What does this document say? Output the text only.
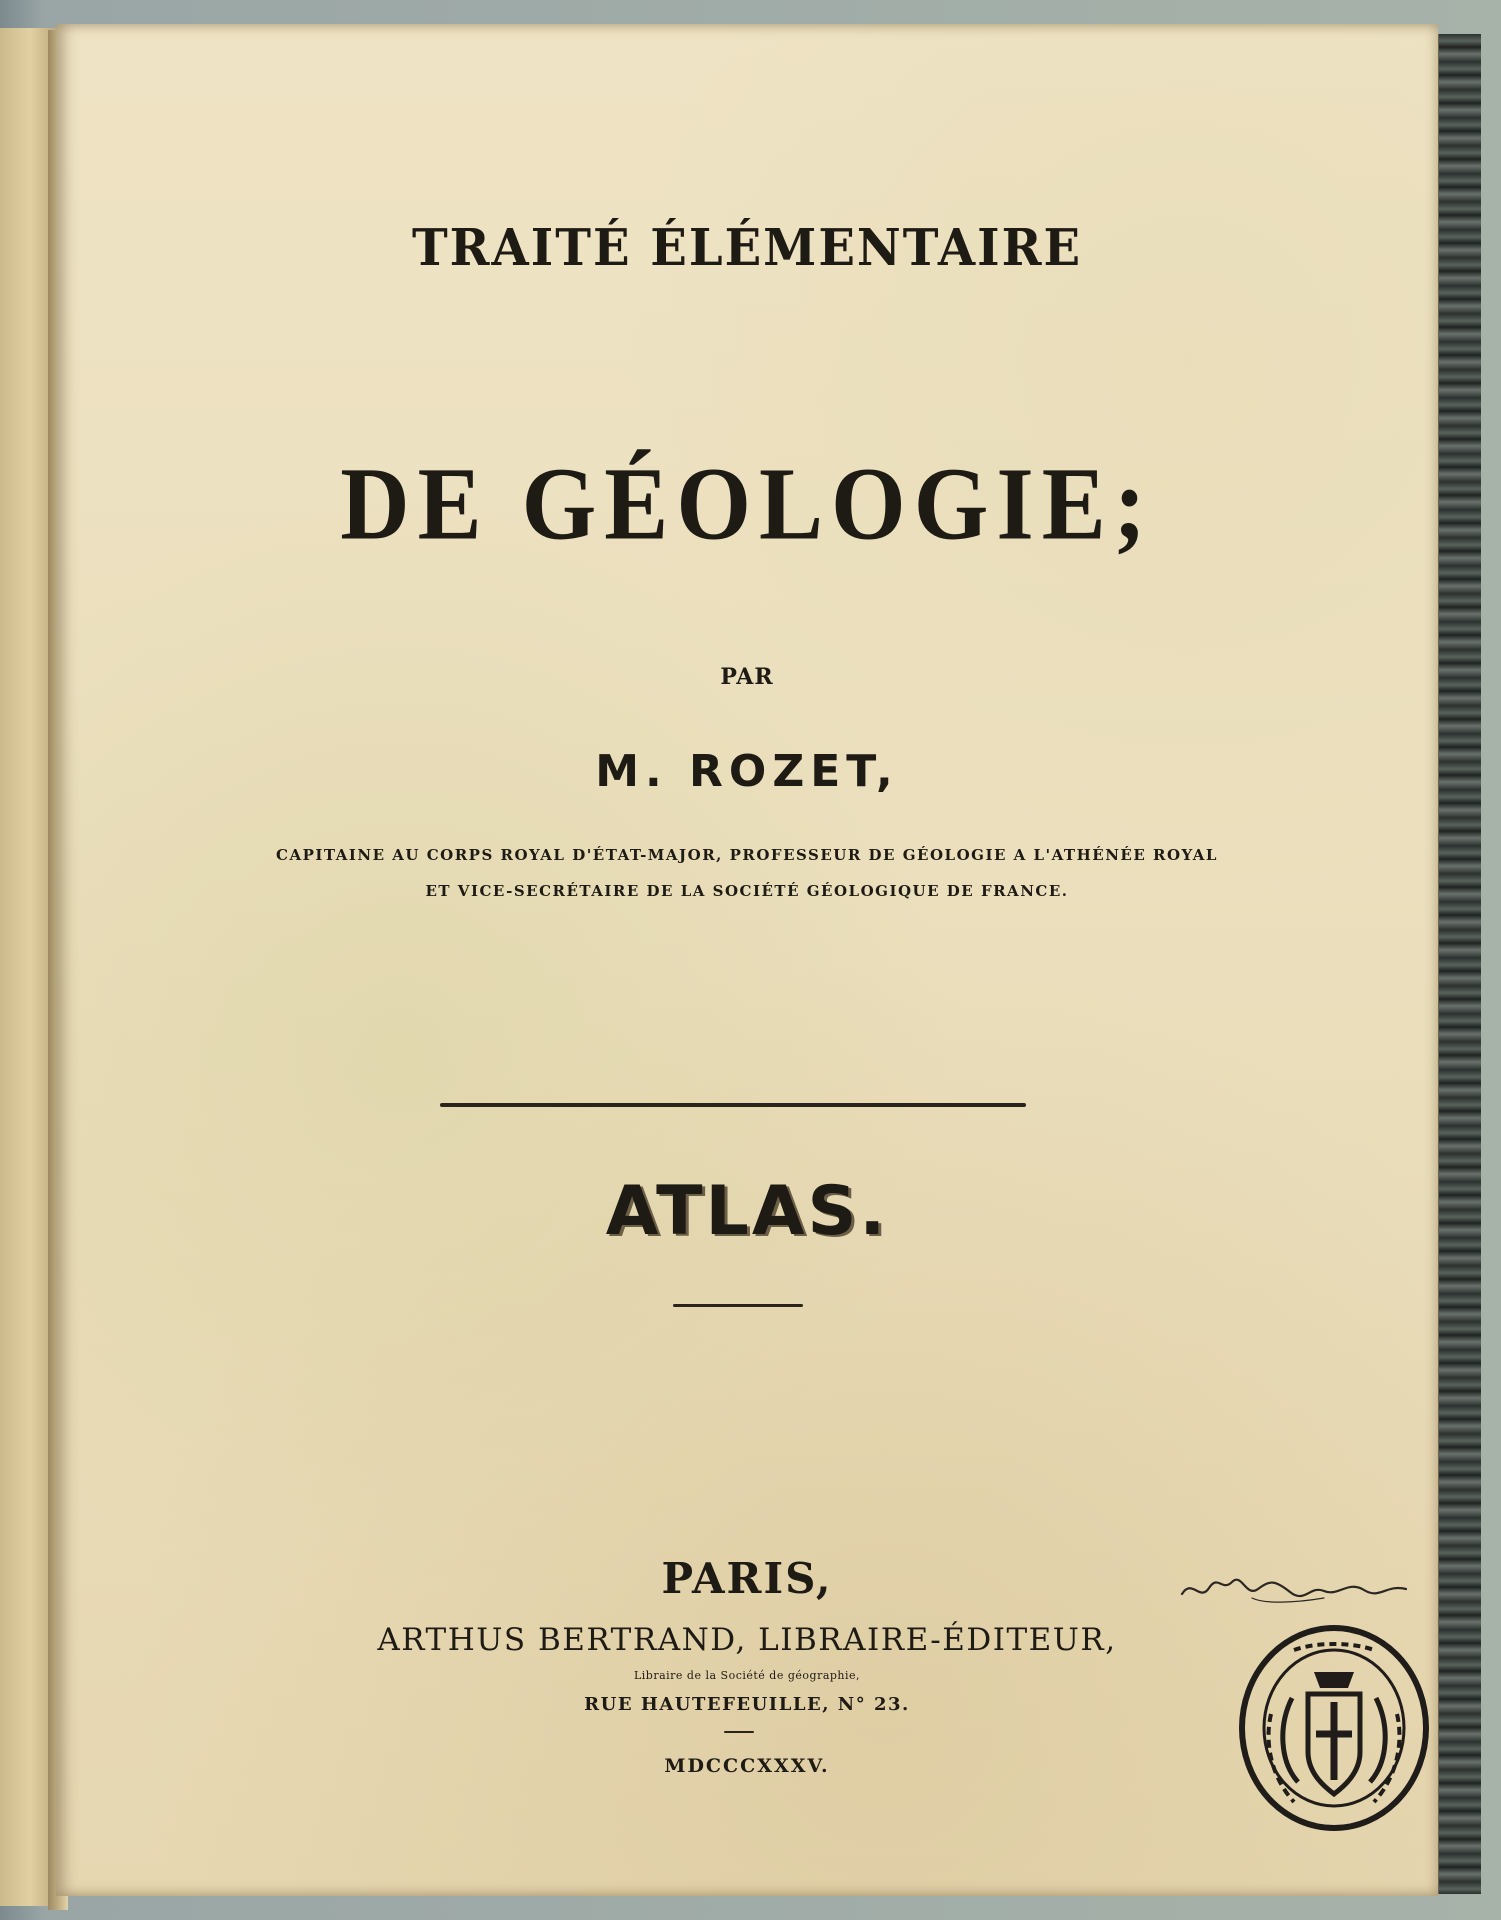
TRAITÉ ÉLÉMENTAIRE
DE GÉOLOGIE;
PAR
M. ROZET,
CAPITAINE AU CORPS ROYAL D'ÉTAT-MAJOR, PROFESSEUR DE GÉOLOGIE A L'ATHÉNÉE ROYAL
ET VICE-SECRÉTAIRE DE LA SOCIÉTÉ GÉOLOGIQUE DE FRANCE.
ATLAS.
PARIS,
ARTHUS BERTRAND, LIBRAIRE-ÉDITEUR,
Libraire de la Société de géographie,
RUE HAUTEFEUILLE, N° 23.
MDCCCXXXV.
